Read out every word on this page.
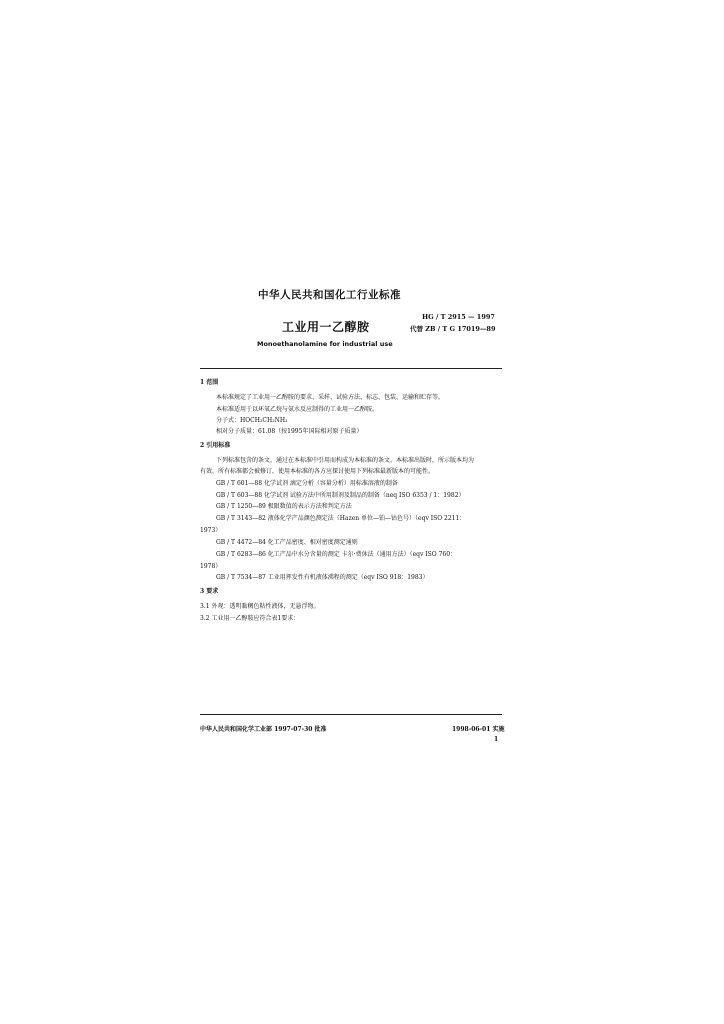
中华人民共和国化工行业标准
工业用一乙醇胺
HG / T 2915 — 1997
代替 ZB / T G 17019—89
Monoethanolamine for industrial use
1 范围
本标准规定了工业用一乙醇胺的要求、采样、试验方法、标志、包装、运输和贮存等。
本标准适用于以环氧乙烷与氨水反应制得的工业用一乙醇胺。
分子式：HOCH₂CH₂NH₂
相对分子质量：61.08（按1995年国际相对原子质量）
2 引用标准
下列标准包含的条文，通过在本标准中引用而构成为本标准的条文。本标准出版时，所示版本均为
有效。所有标准都会被修订，使用本标准的各方应探讨使用下列标准最新版本的可能性。
GB / T 601—88 化学试剂 滴定分析（容量分析）用标准溶液的制备
GB / T 603—88 化学试剂 试验方法中所用制剂及制品的制备（neq ISO 6353 / 1：1982）
GB / T 1250—89 极限数值的表示方法和判定方法
GB / T 3143—82 液体化学产品颜色测定法（Hazen 单位—铂—钴色号）（eqv ISO 2211：
1973）
GB / T 4472—84 化工产品密度、相对密度测定通则
GB / T 6283—86 化工产品中水分含量的测定 卡尔·费休法（通用方法）（eqv ISO 760：
1978）
GB / T 7534—87 工业用挥发性有机液体沸程的测定（eqv ISO 918：1983）
3 要求
3.1 外观：透明黏稠色粘性液体，无悬浮物。
3.2 工业用一乙醇胺应符合表1要求：
中华人民共和国化学工业部 1997-07-30 批准	1998-06-01 实施
1
